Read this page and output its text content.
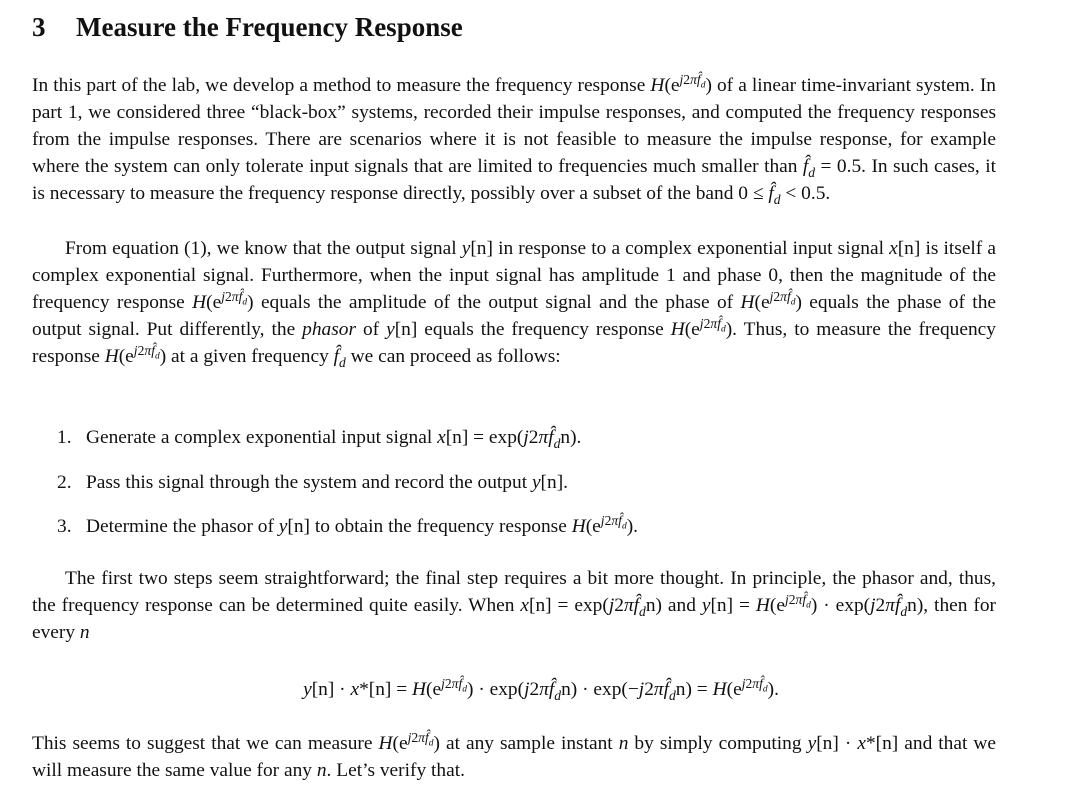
3 Measure the Frequency Response

In this part of the lab, we develop a method to measure the frequency response $H(e^{j2\pi f̂_d})$ of a linear time-invariant system. In part 1, we considered three “black-box” systems, recorded their impulse responses, and computed the frequency responses from the impulse responses. There are scenarios where it is not feasible to measure the impulse response, for example where the system can only tolerate input signals that are limited to frequencies much smaller than $f̂_d = 0.5$. In such cases, it is necessary to measure the frequency response directly, possibly over a subset of the band $0 \le f̂_d < 0.5$.

From equation (1), we know that the output signal y[n] in response to a complex exponential input signal x[n] is itself a complex exponential signal. Furthermore, when the input signal has amplitude 1 and phase 0, then the magnitude of the frequency response $H(e^{j2\pi f̂_d})$ equals the amplitude of the output signal and the phase of $H(e^{j2\pi f̂_d})$ equals the phase of the output signal. Put differently, the phasor of y[n] equals the frequency response $H(e^{j2\pi f̂_d})$. Thus, to measure the frequency response $H(e^{j2\pi f̂_d})$ at a given frequency $f̂_d$ we can proceed as follows:

1. Generate a complex exponential input signal $x[n] = \exp(j2\pi f̂_dn)$.
2. Pass this signal through the system and record the output y[n].
3. Determine the phasor of y[n] to obtain the frequency response $H(e^{j2\pi f̂_d})$.

The first two steps seem straightforward; the final step requires a bit more thought. In principle, the phasor and, thus, the frequency response can be determined quite easily. When $x[n] = \exp(j2\pi f̂_dn)$ and $y[n] = H(e^{j2\pi f̂_d})$ · $\exp(j2\pi f̂_dn)$, then for every n

$y[n] \cdot x*[n] = H(e^{j2\pi f̂_d})$ · $\exp(j2\pi f̂_dn)$ · $\exp(-j2\pi f̂_dn) = H(e^{j2\pi f̂_d})$.

This seems to suggest that we can measure $H(e^{j2\pi f̂_d})$ at any sample instant n by simply computing y[n] · x*[n] and that we will measure the same value for any n. Let’s verify that.
